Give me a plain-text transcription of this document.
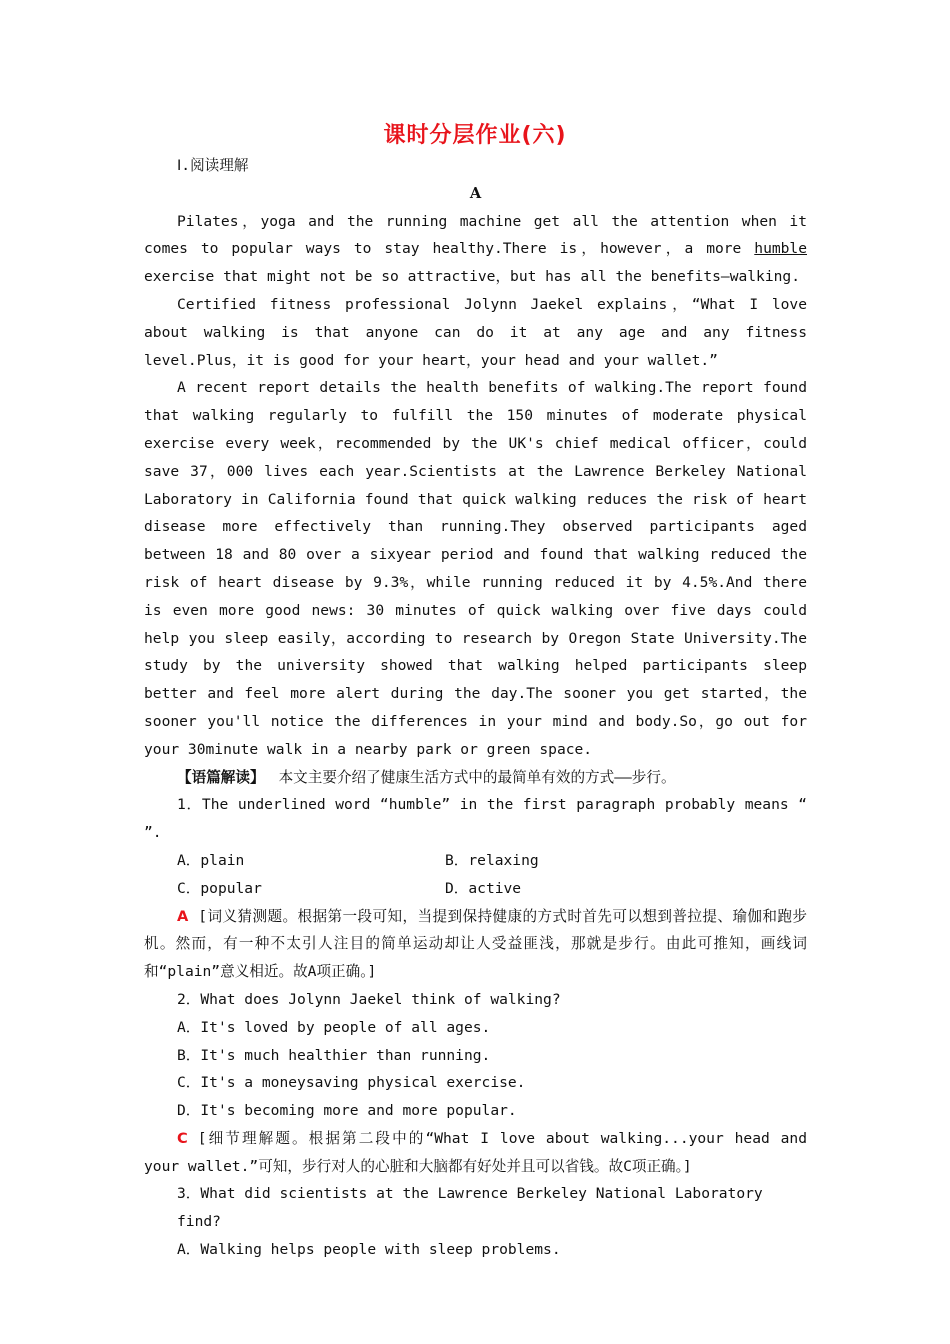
课时分层作业(六)

Ⅰ.阅读理解

A

Pilates，yoga and the running machine get all the attention when it comes to popular ways to stay healthy.There is，however，a more humble exercise that might not be so attractive，but has all the benefits—walking.

Certified fitness professional Jolynn Jaekel explains，“What I love about walking is that anyone can do it at any age and any fitness level.Plus，it is good for your heart，your head and your wallet.”

A recent report details the health benefits of walking.The report found that walking regularly to fulfill the 150 minutes of moderate physical exercise every week，recommended by the UK's chief medical officer，could save 37，000 lives each year.Scientists at the Lawrence Berkeley National Laboratory in California found that quick walking reduces the risk of heart disease more effectively than running.They observed participants aged between 18 and 80 over a sixyear period and found that walking reduced the risk of heart disease by 9.3%，while running reduced it by 4.5%.And there is even more good news: 30 minutes of quick walking over five days could help you sleep easily，according to research by Oregon State University.The study by the university showed that walking helped participants sleep better and feel more alert during the day.The sooner you get started，the sooner you'll notice the differences in your mind and body.So，go out for your 30minute walk in a nearby park or green space.

【语篇解读】 本文主要介绍了健康生活方式中的最简单有效的方式——步行。

1．The underlined word “humble” in the first paragraph probably means “ ”.

A．plain	B．relaxing
C．popular	D．active

A [词义猜测题。根据第一段可知，当提到保持健康的方式时首先可以想到普拉提、瑜伽和跑步机。然而，有一种不太引人注目的简单运动却让人受益匪浅，那就是步行。由此可推知，画线词和“plain”意义相近。故A项正确。]

2．What does Jolynn Jaekel think of walking?

A．It's loved by people of all ages.

B．It's much healthier than running.

C．It's a moneysaving physical exercise.

D．It's becoming more and more popular.

C [细节理解题。根据第二段中的“What I love about walking...your head and your wallet.”可知，步行对人的心脏和大脑都有好处并且可以省钱。故C项正确。]

3．What did scientists at the Lawrence Berkeley National Laboratory find?

A．Walking helps people with sleep problems.
